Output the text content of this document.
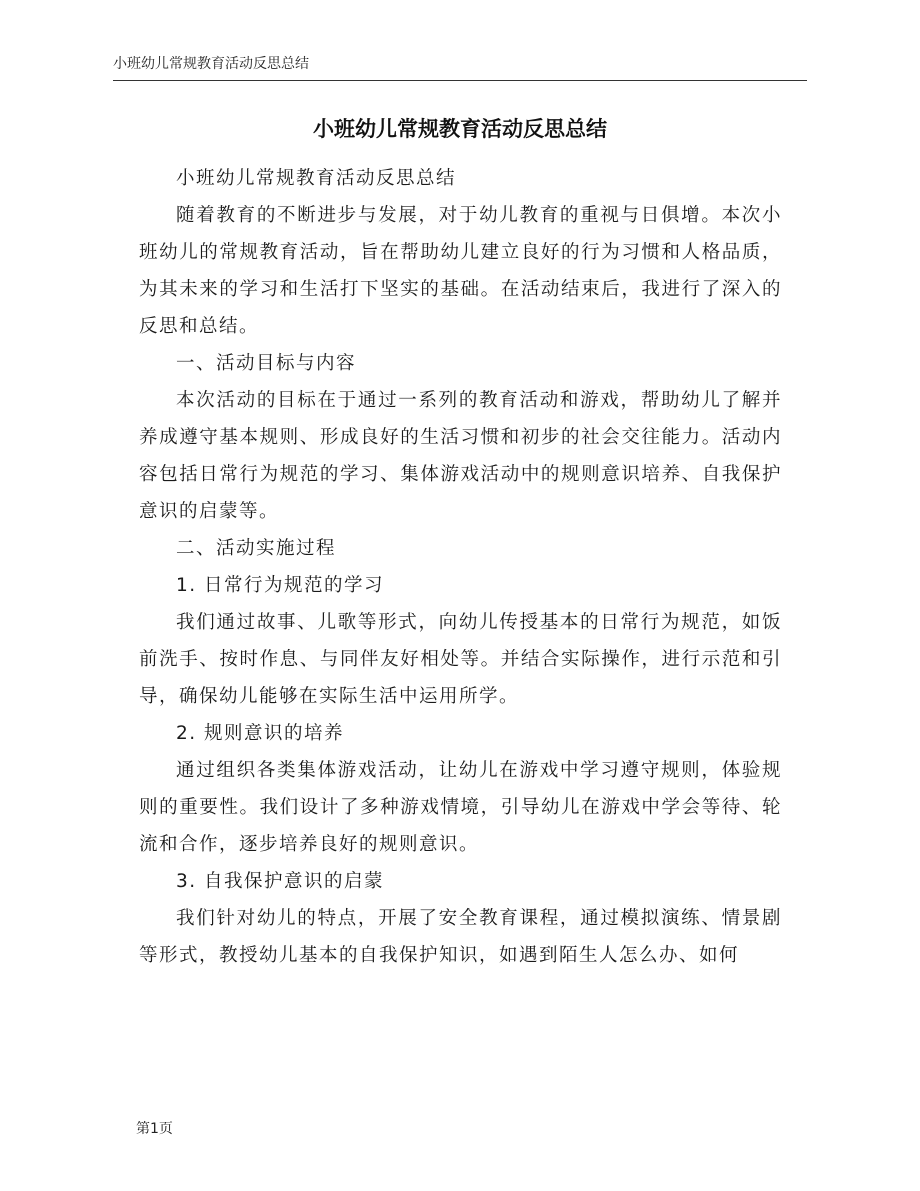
小班幼儿常规教育活动反思总结
小班幼儿常规教育活动反思总结

小班幼儿常规教育活动反思总结

随着教育的不断进步与发展，对于幼儿教育的重视与日俱增。本次小班幼儿的常规教育活动，旨在帮助幼儿建立良好的行为习惯和人格品质，为其未来的学习和生活打下坚实的基础。在活动结束后，我进行了深入的反思和总结。

一、活动目标与内容

本次活动的目标在于通过一系列的教育活动和游戏，帮助幼儿了解并养成遵守基本规则、形成良好的生活习惯和初步的社会交往能力。活动内容包括日常行为规范的学习、集体游戏活动中的规则意识培养、自我保护意识的启蒙等。

二、活动实施过程

1. 日常行为规范的学习

我们通过故事、儿歌等形式，向幼儿传授基本的日常行为规范，如饭前洗手、按时作息、与同伴友好相处等。并结合实际操作，进行示范和引导，确保幼儿能够在实际生活中运用所学。

2. 规则意识的培养

通过组织各类集体游戏活动，让幼儿在游戏中学习遵守规则，体验规则的重要性。我们设计了多种游戏情境，引导幼儿在游戏中学会等待、轮流和合作，逐步培养良好的规则意识。

3. 自我保护意识的启蒙

我们针对幼儿的特点，开展了安全教育课程，通过模拟演练、情景剧等形式，教授幼儿基本的自我保护知识，如遇到陌生人怎么办、如何

第1页
